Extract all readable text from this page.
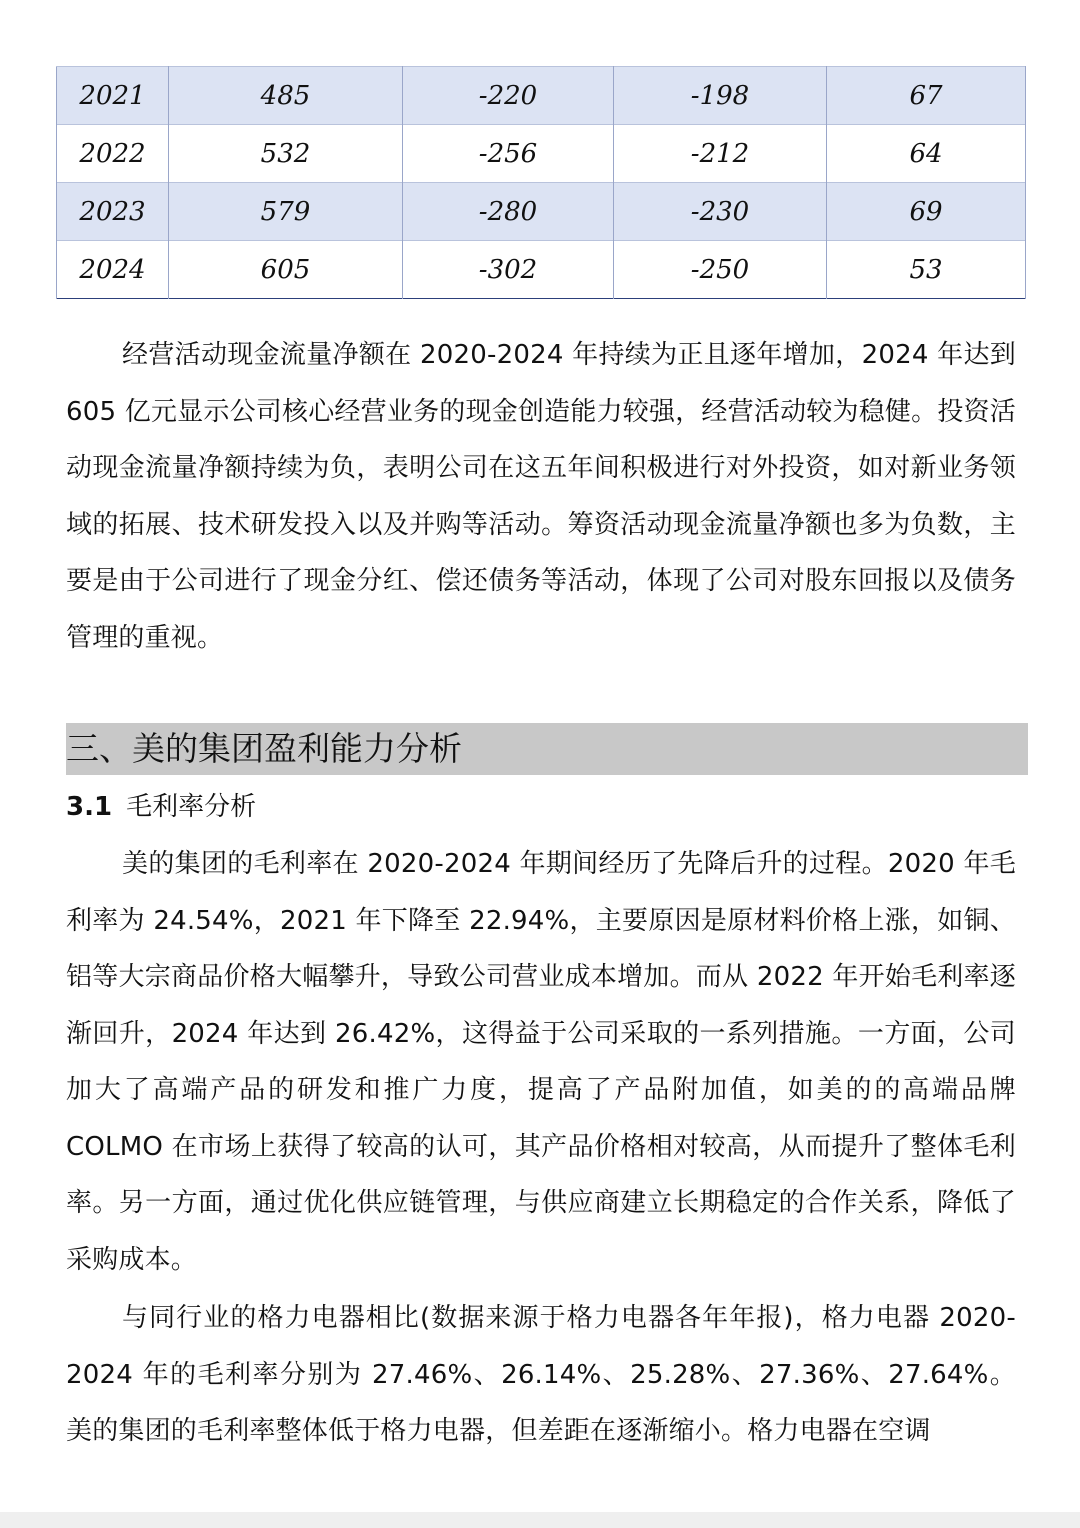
2021	485	-220	-198	67
2022	532	-256	-212	64
2023	579	-280	-230	69
2024	605	-302	-250	53

经营活动现金流量净额在 2020-2024 年持续为正且逐年增加，2024 年达到 605 亿元显示公司核心经营业务的现金创造能力较强，经营活动较为稳健。投资活动现金流量净额持续为负，表明公司在这五年间积极进行对外投资，如对新业务领域的拓展、技术研发投入以及并购等活动。筹资活动现金流量净额也多为负数，主要是由于公司进行了现金分红、偿还债务等活动，体现了公司对股东回报以及债务管理的重视。

三、美的集团盈利能力分析
3.1 毛利率分析

美的集团的毛利率在 2020-2024 年期间经历了先降后升的过程。2020 年毛利率为 24.54%，2021 年下降至 22.94%，主要原因是原材料价格上涨，如铜、铝等大宗商品价格大幅攀升，导致公司营业成本增加。而从 2022 年开始毛利率逐渐回升，2024 年达到 26.42%，这得益于公司采取的一系列措施。一方面，公司加大了高端产品的研发和推广力度，提高了产品附加值，如美的的高端品牌 COLMO 在市场上获得了较高的认可，其产品价格相对较高，从而提升了整体毛利率。另一方面，通过优化供应链管理，与供应商建立长期稳定的合作关系，降低了采购成本。

与同行业的格力电器相比(数据来源于格力电器各年年报)，格力电器 2020-2024 年的毛利率分别为 27.46%、26.14%、25.28%、27.36%、27.64%。美的集团的毛利率整体低于格力电器，但差距在逐渐缩小。格力电器在空调
